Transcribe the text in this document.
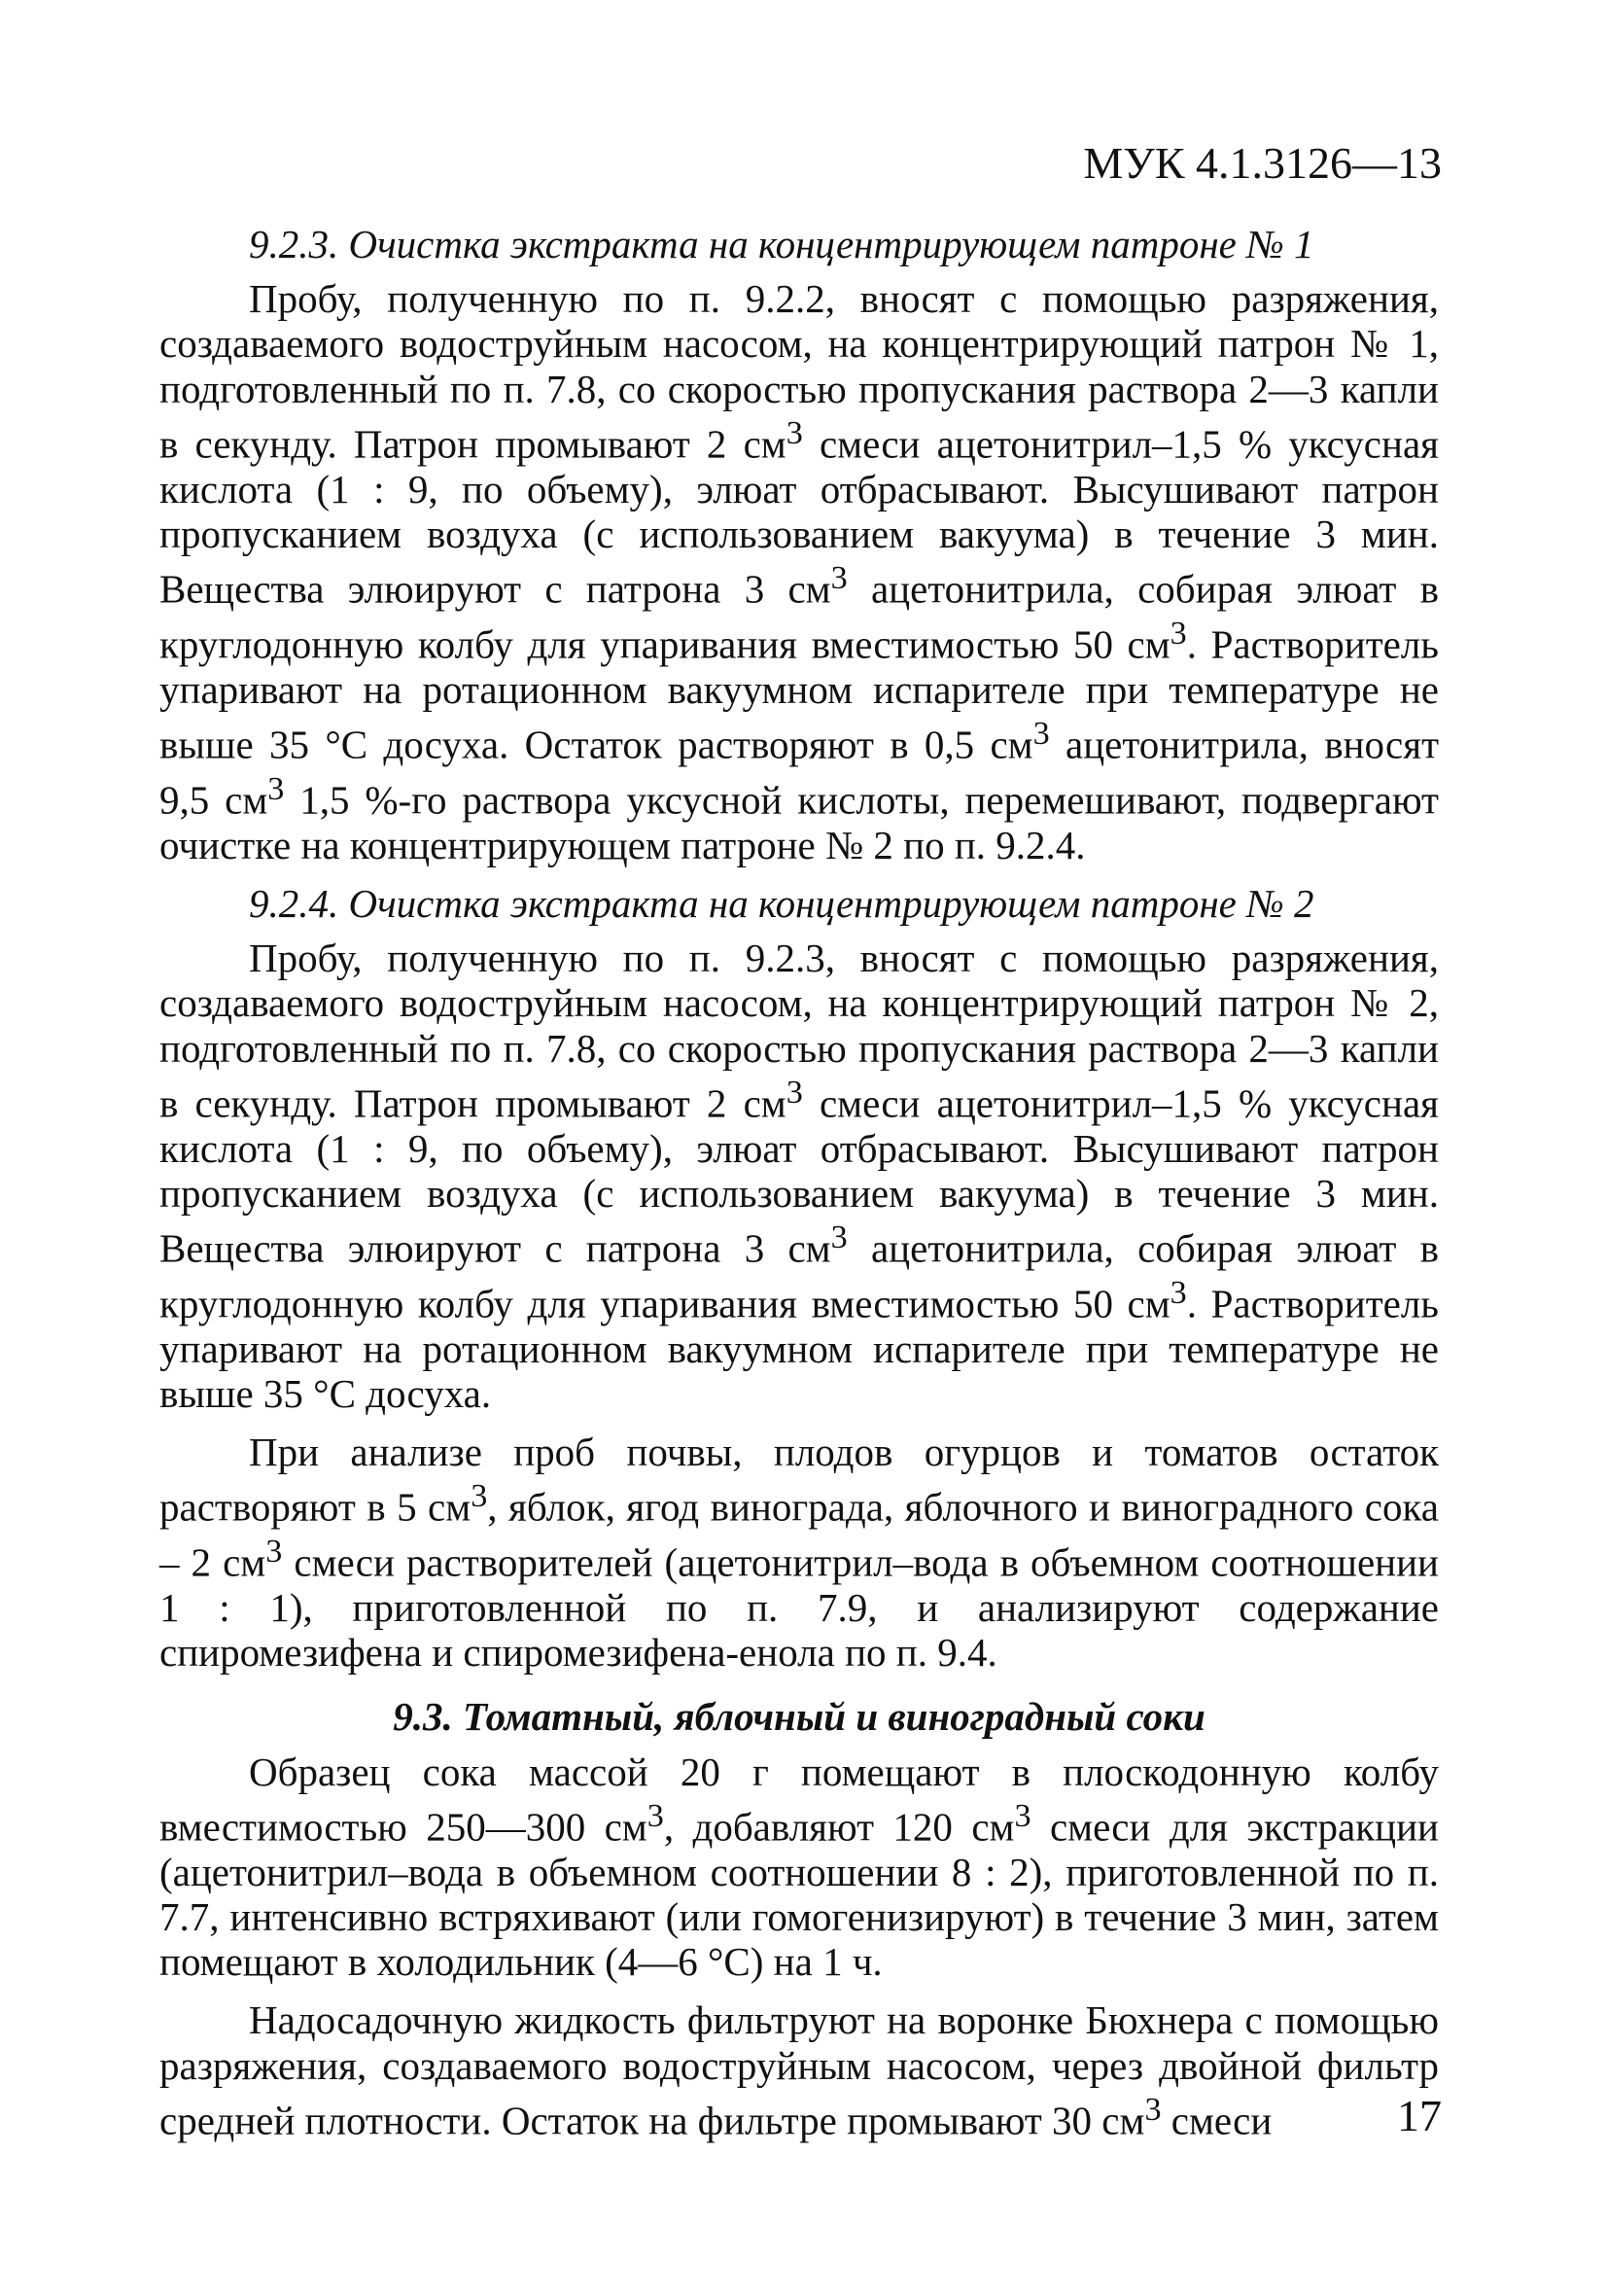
МУК 4.1.3126—13

9.2.3. Очистка экстракта на концентрирующем патроне № 1

Пробу, полученную по п. 9.2.2, вносят с помощью разряжения, создаваемого водоструйным насосом, на концентрирующий патрон № 1, подготовленный по п. 7.8, со скоростью пропускания раствора 2—3 капли в секунду. Патрон промывают 2 $см^3$ смеси ацетонитрил–1,5 % уксусная кислота (1 : 9, по объему), элюат отбрасывают. Высушивают патрон пропусканием воздуха (с использованием вакуума) в течение 3 мин. Вещества элюируют с патрона 3 $см^3$ ацетонитрила, собирая элюат в круглодонную колбу для упаривания вместимостью 50 $см^3$. Растворитель упаривают на ротационном вакуумном испарителе при температуре не выше 35 °С досуха. Остаток растворяют в 0,5 $см^3$ ацетонитрила, вносят 9,5 $см^3$ 1,5 %-го раствора уксусной кислоты, перемешивают, подвергают очистке на концентрирующем патроне № 2 по п. 9.2.4.

9.2.4. Очистка экстракта на концентрирующем патроне № 2

Пробу, полученную по п. 9.2.3, вносят с помощью разряжения, создаваемого водоструйным насосом, на концентрирующий патрон № 2, подготовленный по п. 7.8, со скоростью пропускания раствора 2—3 капли в секунду. Патрон промывают 2 $см^3$ смеси ацетонитрил–1,5 % уксусная кислота (1 : 9, по объему), элюат отбрасывают. Высушивают патрон пропусканием воздуха (с использованием вакуума) в течение 3 мин. Вещества элюируют с патрона 3 $см^3$ ацетонитрила, собирая элюат в круглодонную колбу для упаривания вместимостью 50 $см^3$. Растворитель упаривают на ротационном вакуумном испарителе при температуре не выше 35 °С досуха.

При анализе проб почвы, плодов огурцов и томатов остаток растворяют в 5 $см^3$, яблок, ягод винограда, яблочного и виноградного сока – 2 $см^3$ смеси растворителей (ацетонитрил–вода в объемном соотношении 1 : 1), приготовленной по п. 7.9, и анализируют содержание спиромезифена и спиромезифена-енола по п. 9.4.

9.3. Томатный, яблочный и виноградный соки

Образец сока массой 20 г помещают в плоскодонную колбу вместимостью 250—300 $см^3$, добавляют 120 $см^3$ смеси для экстракции (ацетонитрил–вода в объемном соотношении 8 : 2), приготовленной по п. 7.7, интенсивно встряхивают (или гомогенизируют) в течение 3 мин, затем помещают в холодильник (4—6 °С) на 1 ч.

Надосадочную жидкость фильтруют на воронке Бюхнера с помощью разряжения, создаваемого водоструйным насосом, через двойной фильтр средней плотности. Остаток на фильтре промывают 30 $см^3$ смеси	17
